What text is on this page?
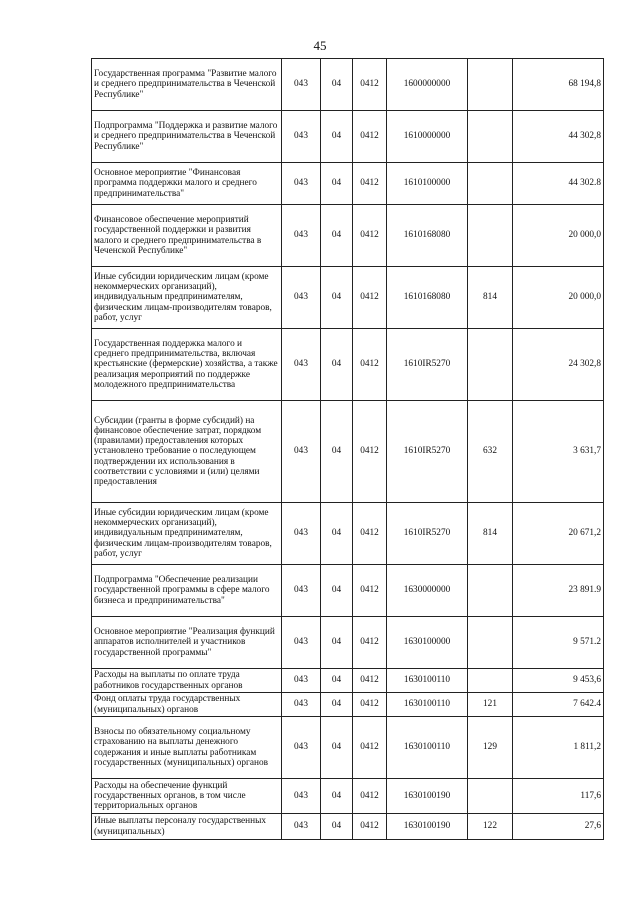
45
Государственная программа "Развитие малого и среднего предпринимательства в Чеченской Республике"	043	04	0412	1600000000		68 194,8
Подпрограмма "Поддержка и развитие малого и среднего предпринимательства в Чеченской Республике"	043	04	0412	1610000000		44 302,8
Основное мероприятие "Финансовая программа поддержки малого и среднего предпринимательства"	043	04	0412	1610100000		44 302.8
Финансовое обеспечение мероприятий государственной поддержки и развития малого и среднего предпринимательства в Чеченской Республике"	043	04	0412	1610168080		20 000,0
Иные субсидии юридическим лицам (кроме некоммерческих организаций), индивидуальным предпринимателям, физическим лицам-производителям товаров, работ, услуг	043	04	0412	1610168080	814	20 000,0
Государственная поддержка малого и среднего предпринимательства, включая крестьянские (фермерские) хозяйства, а также реализация мероприятий по поддержке молодежного предпринимательства	043	04	0412	1610IR5270		24 302,8
Субсидии (гранты в форме субсидий) на финансовое обеспечение затрат, порядком (правилами) предоставления которых установлено требование о последующем подтверждении их использования в соответствии с условиями и (или) целями предоставления	043	04	0412	1610IR5270	632	3 631,7
Иные субсидии юридическим лицам (кроме некоммерческих организаций), индивидуальным предпринимателям, физическим лицам-производителям товаров, работ, услуг	043	04	0412	1610IR5270	814	20 671,2
Подпрограмма "Обеспечение реализации государственной программы в сфере малого бизнеса и предпринимательства"	043	04	0412	1630000000		23 891.9
Основное мероприятие "Реализация функций аппаратов исполнителей и участников государственной программы"	043	04	0412	1630100000		9 571.2
Расходы на выплаты по оплате труда работников государственных органов	043	04	0412	1630100110		9 453,6
Фонд оплаты труда государственных (муниципальных) органов	043	04	0412	1630100110	121	7 642.4
Взносы по обязательному социальному страхованию на выплаты денежного содержания и иные выплаты работникам государственных (муниципальных) органов	043	04	0412	1630100110	129	1 811,2
Расходы на обеспечение функций государственных органов, в том числе территориальных органов	043	04	0412	1630100190		117,6
Иные выплаты персоналу государственных (муниципальных)	043	04	0412	1630100190	122	27,6
